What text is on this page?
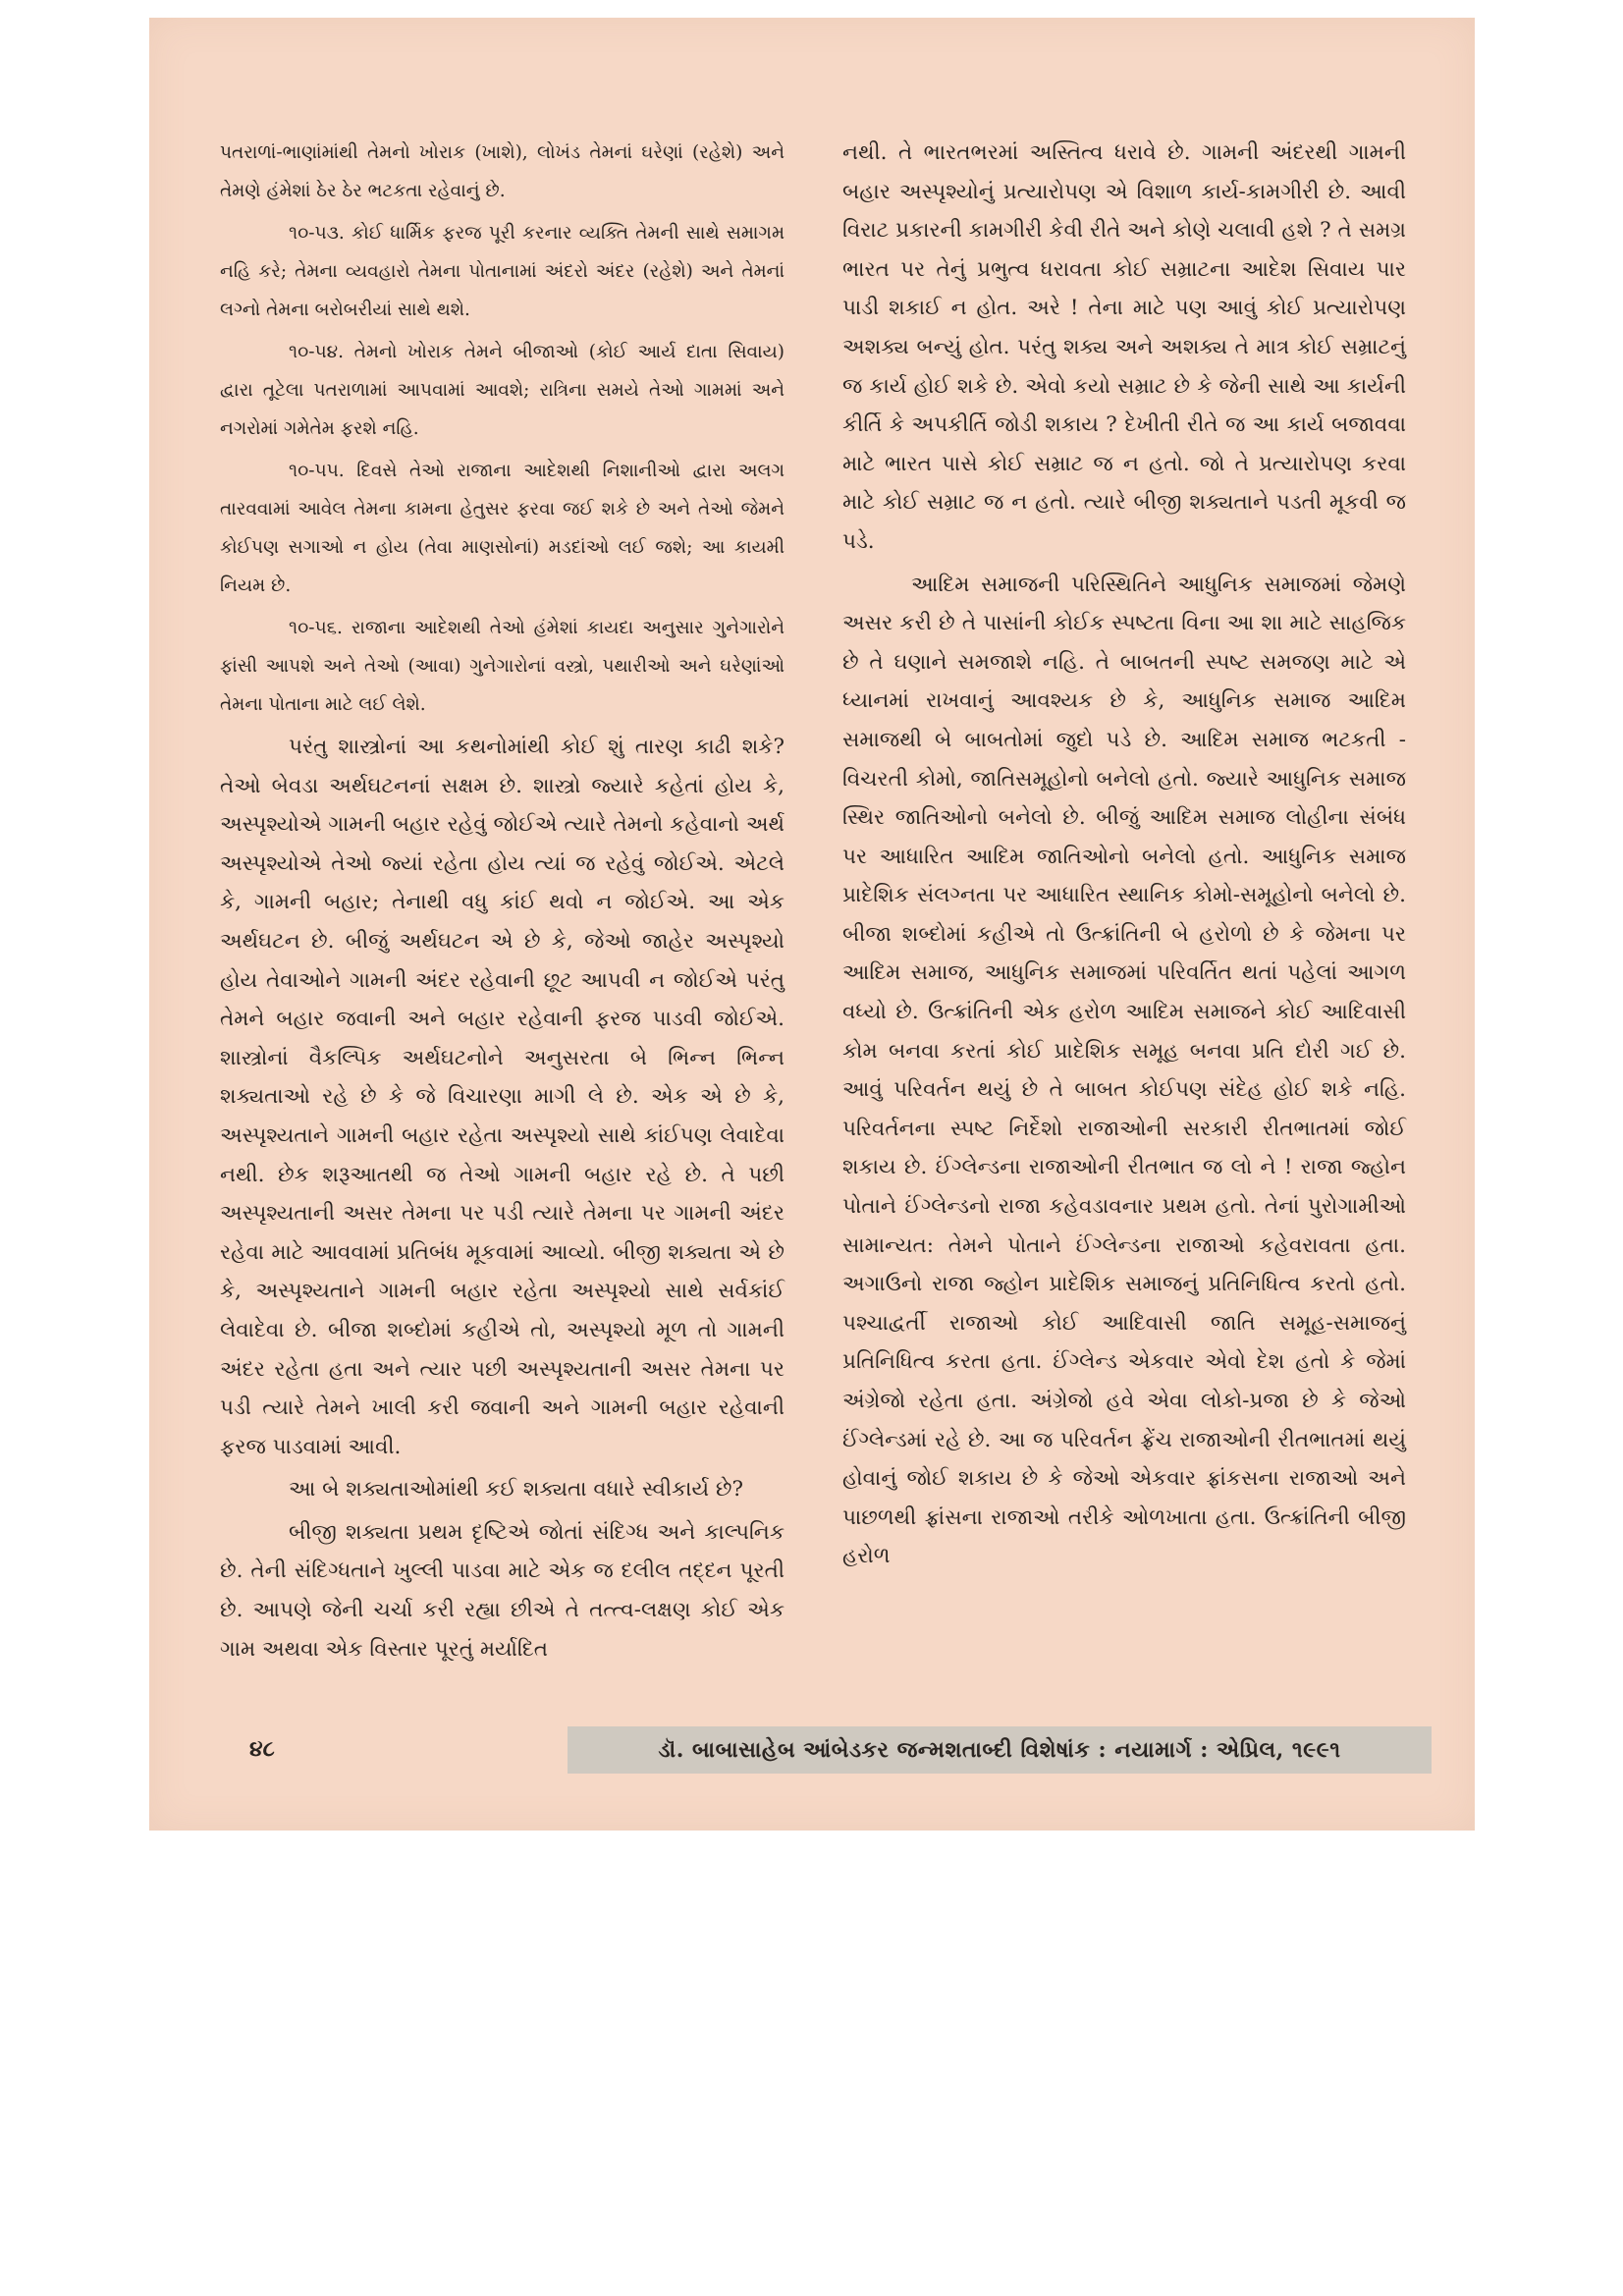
પતરાળાં-ભાણાંમાંથી તેમનો ખોરાક (ખાશે), લોખંડ તેમનાં ઘરેણાં (રહેશે) અને તેમણે હંમેશાં ઠેર ઠેર ભટકતા રહેવાનું છે.

૧૦-૫૩. કોઈ ધાર્મિક ફરજ પૂરી કરનાર વ્યક્તિ તેમની સાથે સમાગમ નહિ કરે; તેમના વ્યવહારો તેમના પોતાનામાં અંદરો અંદર (રહેશે) અને તેમનાં લગ્નો તેમના બરોબરીયાં સાથે થશે.

૧૦-૫૪. તેમનો ખોરાક તેમને બીજાઓ (કોઈ આર્ય દાતા સિવાય) દ્વારા તૂટેલા પતરાળામાં આપવામાં આવશે; રાત્રિના સમયે તેઓ ગામમાં અને નગરોમાં ગમેતેમ ફરશે નહિ.

૧૦-૫૫. દિવસે તેઓ રાજાના આદેશથી નિશાનીઓ દ્વારા અલગ તારવવામાં આવેલ તેમના કામના હેતુસર ફરવા જઈ શકે છે અને તેઓ જેમને કોઈપણ સગાઓ ન હોય (તેવા માણસોનાં) મડદાંઓ લઈ જશે; આ કાયમી નિયમ છે.

૧૦-૫૬. રાજાના આદેશથી તેઓ હંમેશાં કાયદા અનુસાર ગુનેગારોને ફાંસી આપશે અને તેઓ (આવા) ગુનેગારોનાં વસ્ત્રો, પથારીઓ અને ઘરેણાંઓ તેમના પોતાના માટે લઈ લેશે.

પરંતુ શાસ્ત્રોનાં આ કથનોમાંથી કોઈ શું તારણ કાઢી શકે? તેઓ બેવડા અર્થઘટનનાં સક્ષમ છે. શાસ્ત્રો જ્યારે કહેતાં હોય કે, અસ્પૃશ્યોએ ગામની બહાર રહેવું જોઈએ ત્યારે તેમનો કહેવાનો અર્થ અસ્પૃશ્યોએ તેઓ જ્યાં રહેતા હોય ત્યાં જ રહેવું જોઈએ. એટલે કે, ગામની બહાર; તેનાથી વધુ કાંઈ થવો ન જોઈએ. આ એક અર્થઘટન છે. બીજું અર્થઘટન એ છે કે, જેઓ જાહેર અસ્પૃશ્યો હોય તેવાઓને ગામની અંદર રહેવાની છૂટ આપવી ન જોઈએ પરંતુ તેમને બહાર જવાની અને બહાર રહેવાની ફરજ પાડવી જોઈએ. શાસ્ત્રોનાં વૈકલ્પિક અર્થઘટનોને અનુસરતા બે ભિન્ન ભિન્ન શક્યતાઓ રહે છે કે જે વિચારણા માગી લે છે. એક એ છે કે, અસ્પૃશ્યતાને ગામની બહાર રહેતા અસ્પૃશ્યો સાથે કાંઈપણ લેવાદેવા નથી. છેક શરૂઆતથી જ તેઓ ગામની બહાર રહે છે. તે પછી અસ્પૃશ્યતાની અસર તેમના પર પડી ત્યારે તેમના પર ગામની અંદર રહેવા માટે આવવામાં પ્રતિબંધ મૂકવામાં આવ્યો. બીજી શક્યતા એ છે કે, અસ્પૃશ્યતાને ગામની બહાર રહેતા અસ્પૃશ્યો સાથે સર્વકાંઈ લેવાદેવા છે. બીજા શબ્દોમાં કહીએ તો, અસ્પૃશ્યો મૂળ તો ગામની અંદર રહેતા હતા અને ત્યાર પછી અસ્પૃશ્યતાની અસર તેમના પર પડી ત્યારે તેમને ખાલી કરી જવાની અને ગામની બહાર રહેવાની ફરજ પાડવામાં આવી.

આ બે શક્યતાઓમાંથી કઈ શક્યતા વધારે સ્વીકાર્ય છે?

બીજી શક્યતા પ્રથમ દૃષ્ટિએ જોતાં સંદિગ્ધ અને કાલ્પનિક છે. તેની સંદિગ્ધતાને ખુલ્લી પાડવા માટે એક જ દલીલ તદ્દન પૂરતી છે. આપણે જેની ચર્ચા કરી રહ્યા છીએ તે તત્ત્વ-લક્ષણ કોઈ એક ગામ અથવા એક વિસ્તાર પૂરતું મર્યાદિત

નથી. તે ભારતભરમાં અસ્તિત્વ ધરાવે છે. ગામની અંદરથી ગામની બહાર અસ્પૃશ્યોનું પ્રત્યારોપણ એ વિશાળ કાર્ય-કામગીરી છે. આવી વિરાટ પ્રકારની કામગીરી કેવી રીતે અને કોણે ચલાવી હશે ? તે સમગ્ર ભારત પર તેનું પ્રભુત્વ ધરાવતા કોઈ સમ્રાટના આદેશ સિવાય પાર પાડી શકાઈ ન હોત. અરે ! તેના માટે પણ આવું કોઈ પ્રત્યારોપણ અશક્ય બન્યું હોત. પરંતુ શક્ય અને અશક્ય તે માત્ર કોઈ સમ્રાટનું જ કાર્ય હોઈ શકે છે. એવો કયો સમ્રાટ છે કે જેની સાથે આ કાર્યની કીર્તિ કે અપકીર્તિ જોડી શકાય ? દેખીતી રીતે જ આ કાર્ય બજાવવા માટે ભારત પાસે કોઈ સમ્રાટ જ ન હતો. જો તે પ્રત્યારોપણ કરવા માટે કોઈ સમ્રાટ જ ન હતો. ત્યારે બીજી શક્યતાને પડતી મૂકવી જ પડે.

આદિમ સમાજની પરિસ્થિતિને આધુનિક સમાજમાં જેમણે અસર કરી છે તે પાસાંની કોઈક સ્પષ્ટતા વિના આ શા માટે સાહજિક છે તે ઘણાને સમજાશે નહિ. તે બાબતની સ્પષ્ટ સમજણ માટે એ ધ્યાનમાં રાખવાનું આવશ્યક છે કે, આધુનિક સમાજ આદિમ સમાજથી બે બાબતોમાં જુદો પડે છે. આદિમ સમાજ ભટકતી - વિચરતી કોમો, જાતિસમૂહોનો બનેલો હતો. જ્યારે આધુનિક સમાજ સ્થિર જાતિઓનો બનેલો છે. બીજું આદિમ સમાજ લોહીના સંબંધ પર આધારિત આદિમ જાતિઓનો બનેલો હતો. આધુનિક સમાજ પ્રાદેશિક સંલગ્નતા પર આધારિત સ્થાનિક કોમો-સમૂહોનો બનેલો છે. બીજા શબ્દોમાં કહીએ તો ઉત્ક્રાંતિની બે હરોળો છે કે જેમના પર આદિમ સમાજ, આધુનિક સમાજમાં પરિવર્તિત થતાં પહેલાં આગળ વધ્યો છે. ઉત્ક્રાંતિની એક હરોળ આદિમ સમાજને કોઈ આદિવાસી કોમ બનવા કરતાં કોઈ પ્રાદેશિક સમૂહ બનવા પ્રતિ દોરી ગઈ છે. આવું પરિવર્તન થયું છે તે બાબત કોઈપણ સંદેહ હોઈ શકે નહિ. પરિવર્તનના સ્પષ્ટ નિર્દેશો રાજાઓની સરકારી રીતભાતમાં જોઈ શકાય છે. ઈંગ્લેન્ડના રાજાઓની રીતભાત જ લો ને ! રાજા જ્હોન પોતાને ઈંગ્લેન્ડનો રાજા કહેવડાવનાર પ્રથમ હતો. તેનાં પુરોગામીઓ સામાન્યત: તેમને પોતાને ઈંગ્લેન્ડના રાજાઓ કહેવરાવતા હતા. અગાઉનો રાજા જ્હોન પ્રાદેશિક સમાજનું પ્રતિનિધિત્વ કરતો હતો. પશ્ચાદ્વર્તી રાજાઓ કોઈ આદિવાસી જાતિ સમૂહ-સમાજનું પ્રતિનિધિત્વ કરતા હતા. ઈંગ્લેન્ડ એકવાર એવો દેશ હતો કે જેમાં અંગ્રેજો રહેતા હતા. અંગ્રેજો હવે એવા લોકો-પ્રજા છે કે જેઓ ઈંગ્લેન્ડમાં રહે છે. આ જ પરિવર્તન ફ્રેંચ રાજાઓની રીતભાતમાં થયું હોવાનું જોઈ શકાય છે કે જેઓ એકવાર ફ્રાંકસના રાજાઓ અને પાછળથી ફ્રાંસના રાજાઓ તરીકે ઓળખાતા હતા. ઉત્ક્રાંતિની બીજી હરોળ

૪૮	ડૉ. બાબાસાહેબ આંબેડકર જન્મશતાબ્દી વિશેષાંક : નયામાર્ગ : એપ્રિલ, ૧૯૯૧
